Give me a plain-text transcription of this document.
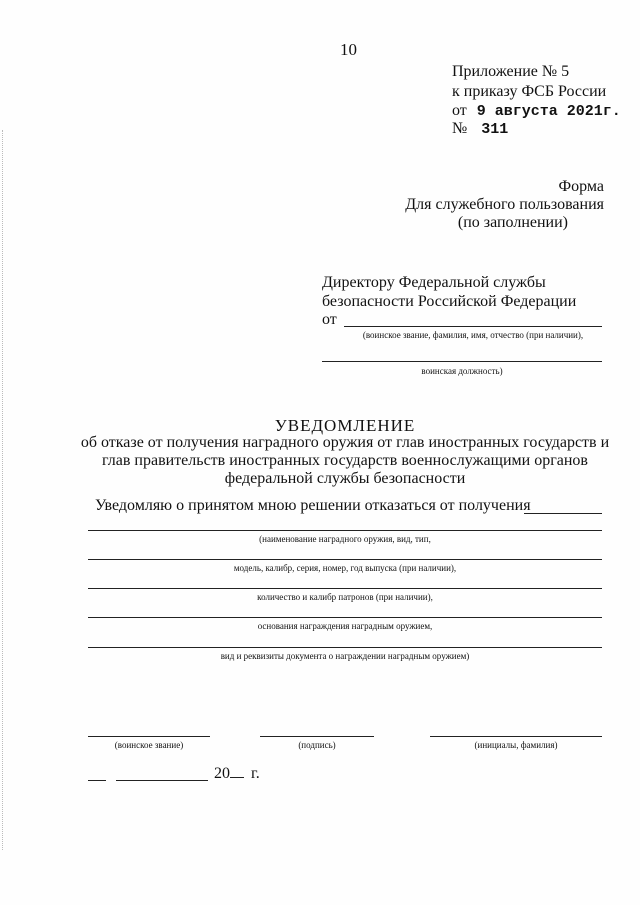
10
Приложение № 5
к приказу ФСБ России
от 9 августа 2021г.
№ 311
Форма
Для служебного пользования
(по заполнении)
Директору Федеральной службы
безопасности Российской Федерации
от
(воинское звание, фамилия, имя, отчество (при наличии),
воинская должность)
УВЕДОМЛЕНИЕ
об отказе от получения наградного оружия от глав иностранных государств и
глав правительств иностранных государств военнослужащими органов
федеральной службы безопасности
Уведомляю о принятом мною решении отказаться от получения
(наименование наградного оружия, вид, тип,
модель, калибр, серия, номер, год выпуска (при наличии),
количество и калибр патронов (при наличии),
основания награждения наградным оружием,
вид и реквизиты документа о награждении наградным оружием)
(воинское звание)	(подпись)	(инициалы, фамилия)
20 г.
